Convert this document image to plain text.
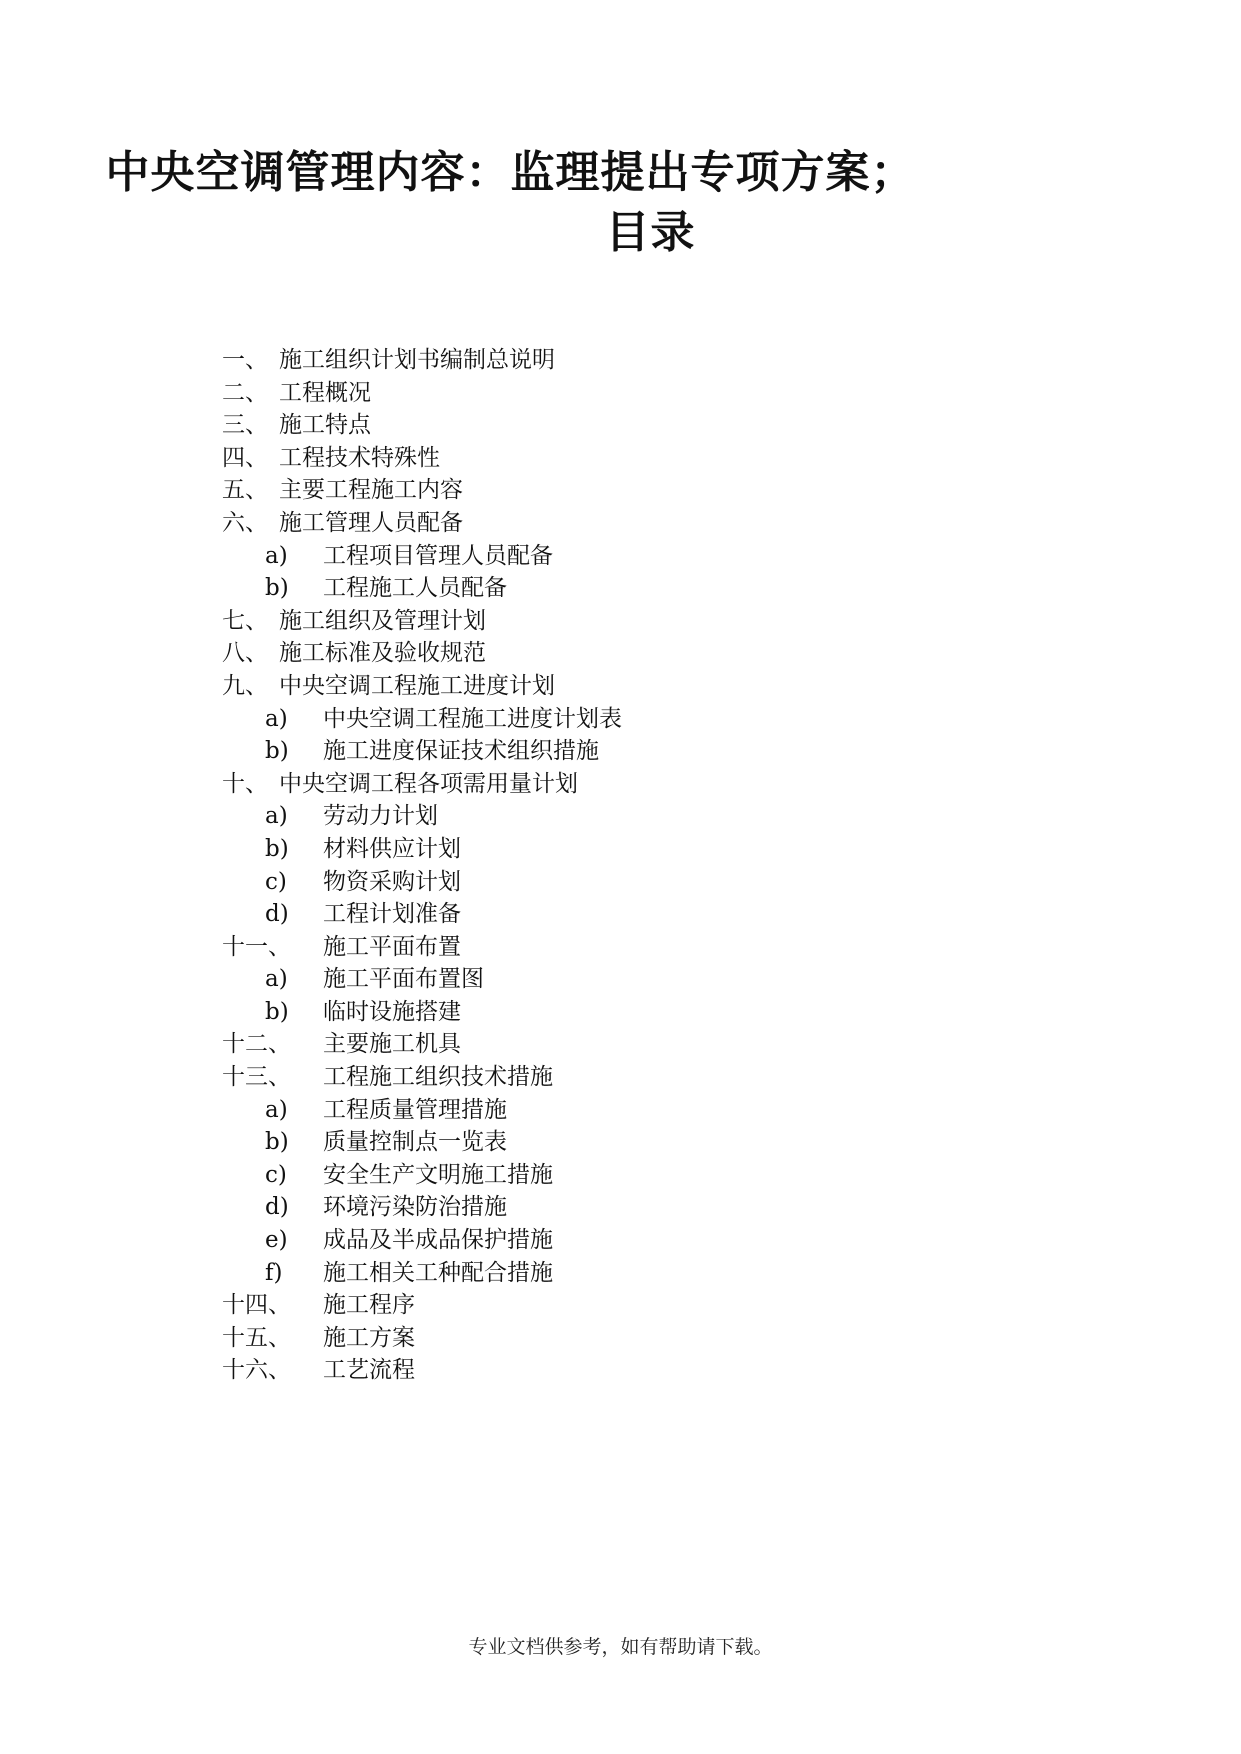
中央空调管理内容：监理提出专项方案；
目录
一、 施工组织计划书编制总说明
二、 工程概况
三、 施工特点
四、 工程技术特殊性
五、 主要工程施工内容
六、 施工管理人员配备
a) 工程项目管理人员配备
b) 工程施工人员配备
七、 施工组织及管理计划
八、 施工标准及验收规范
九、 中央空调工程施工进度计划
a) 中央空调工程施工进度计划表
b) 施工进度保证技术组织措施
十、 中央空调工程各项需用量计划
a) 劳动力计划
b) 材料供应计划
c) 物资采购计划
d) 工程计划准备
十一、 施工平面布置
a) 施工平面布置图
b) 临时设施搭建
十二、 主要施工机具
十三、 工程施工组织技术措施
a) 工程质量管理措施
b) 质量控制点一览表
c) 安全生产文明施工措施
d) 环境污染防治措施
e) 成品及半成品保护措施
f) 施工相关工种配合措施
十四、 施工程序
十五、 施工方案
十六、 工艺流程
专业文档供参考，如有帮助请下载。
